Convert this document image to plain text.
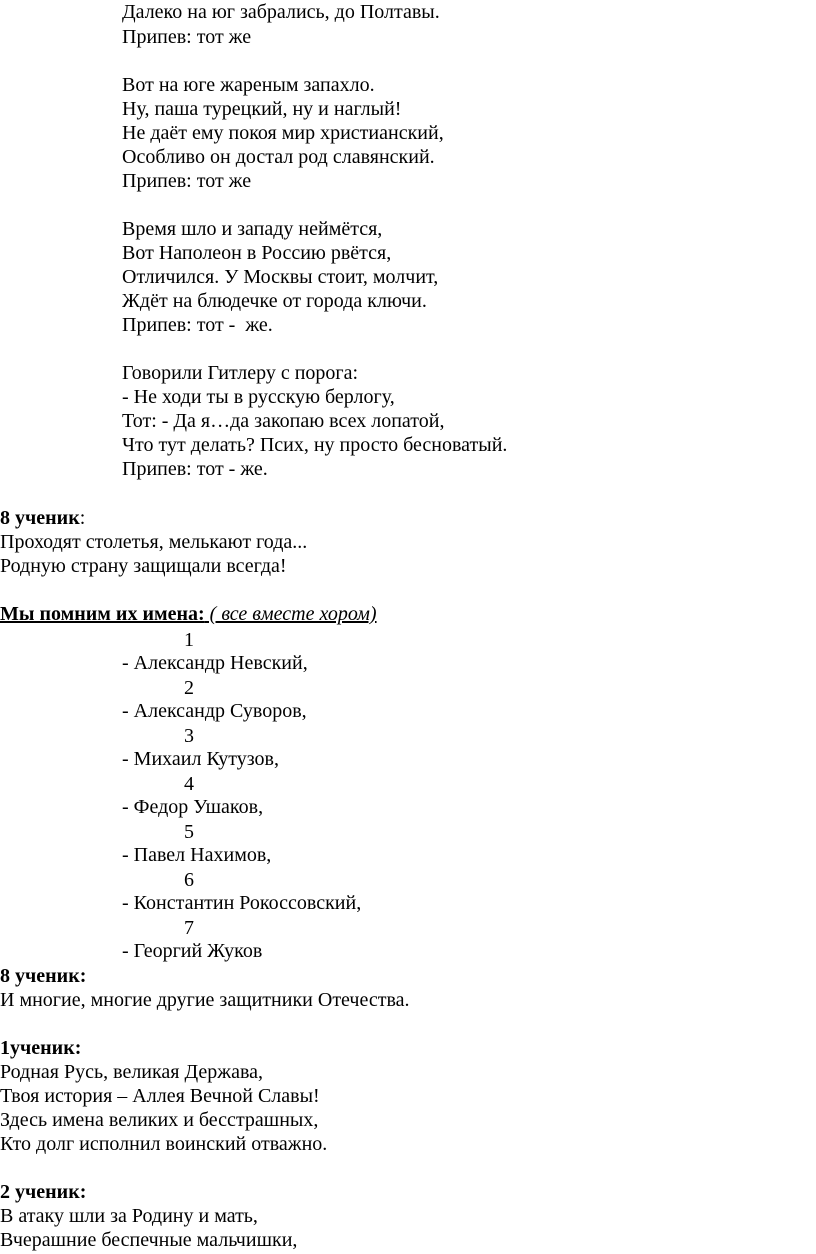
Далеко на юг забрались, до Полтавы.
Припев: тот же
Вот на юге жареным запахло.
Ну, паша турецкий, ну и наглый!
Не даёт ему покоя мир христианский,
Особливо он достал род славянский.
Припев: тот же
Время шло и западу неймётся,
Вот Наполеон в Россию рвётся,
Отличился. У Москвы стоит, молчит,
Ждёт на блюдечке от города ключи.
Припев: тот -  же.
Говорили Гитлеру с порога:
- Не ходи ты в русскую берлогу,
Тот: - Да я…да закопаю всех лопатой,
Что тут делать? Псих, ну просто бесноватый.
Припев: тот - же.
8 ученик:
Проходят столетья, мелькают года...
Родную страну защищали всегда!
Мы помним их имена: ( все вместе хором)
1
- Александр Невский,
2
- Александр Суворов,
3
- Михаил Кутузов,
4
- Федор Ушаков,
5
- Павел Нахимов,
6
- Константин Рокоссовский,
7
- Георгий Жуков
8 ученик:
И многие, многие другие защитники Отечества.
1ученик:
Родная Русь, великая Держава,
Твоя история – Аллея Вечной Славы!
Здесь имена великих и бесстрашных,
Кто долг исполнил воинский отважно.
2 ученик:
В атаку шли за Родину и мать,
Вчерашние беспечные мальчишки,
